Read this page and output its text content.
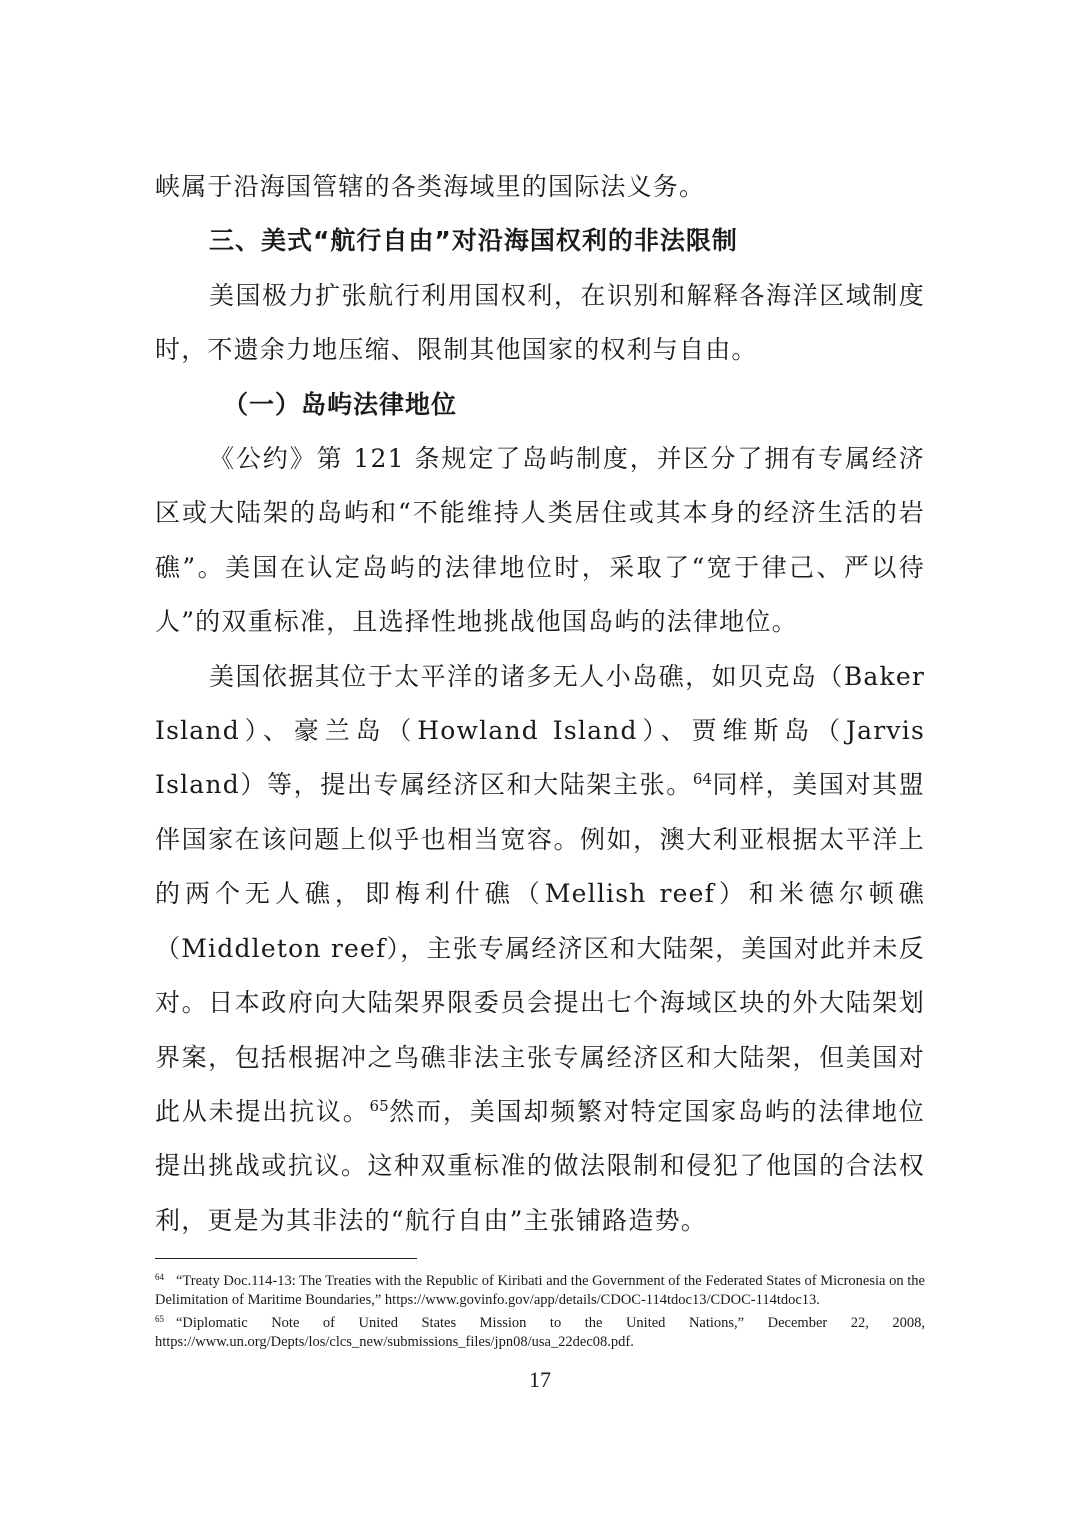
峡属于沿海国管辖的各类海域里的国际法义务。

三、美式“航行自由”对沿海国权利的非法限制

美国极力扩张航行利用国权利，在识别和解释各海洋区域制度时，不遗余力地压缩、限制其他国家的权利与自由。

（一）岛屿法律地位

《公约》第 121 条规定了岛屿制度，并区分了拥有专属经济区或大陆架的岛屿和“不能维持人类居住或其本身的经济生活的岩礁”。美国在认定岛屿的法律地位时，采取了“宽于律己、严以待人”的双重标准，且选择性地挑战他国岛屿的法律地位。

美国依据其位于太平洋的诸多无人小岛礁，如贝克岛（Baker Island）、豪兰岛（Howland Island）、贾维斯岛（Jarvis Island）等，提出专属经济区和大陆架主张。$^{64}$同样，美国对其盟伴国家在该问题上似乎也相当宽容。例如，澳大利亚根据太平洋上的两个无人礁，即梅利什礁（Mellish reef）和米德尔顿礁（Middleton reef），主张专属经济区和大陆架，美国对此并未反对。日本政府向大陆架界限委员会提出七个海域区块的外大陆架划界案，包括根据冲之鸟礁非法主张专属经济区和大陆架，但美国对此从未提出抗议。$^{65}$然而，美国却频繁对特定国家岛屿的法律地位提出挑战或抗议。这种双重标准的做法限制和侵犯了他国的合法权利，更是为其非法的“航行自由”主张铺路造势。

$^{64}$ “Treaty Doc.114-13: The Treaties with the Republic of Kiribati and the Government of the Federated States of Micronesia on the Delimitation of Maritime Boundaries,” https://www.govinfo.gov/app/details/CDOC-114tdoc13/CDOC-114tdoc13.

$^{65}$ “Diplomatic Note of United States Mission to the United Nations,” December 22, 2008, https://www.un.org/Depts/los/clcs_new/submissions_files/jpn08/usa_22dec08.pdf.

17
